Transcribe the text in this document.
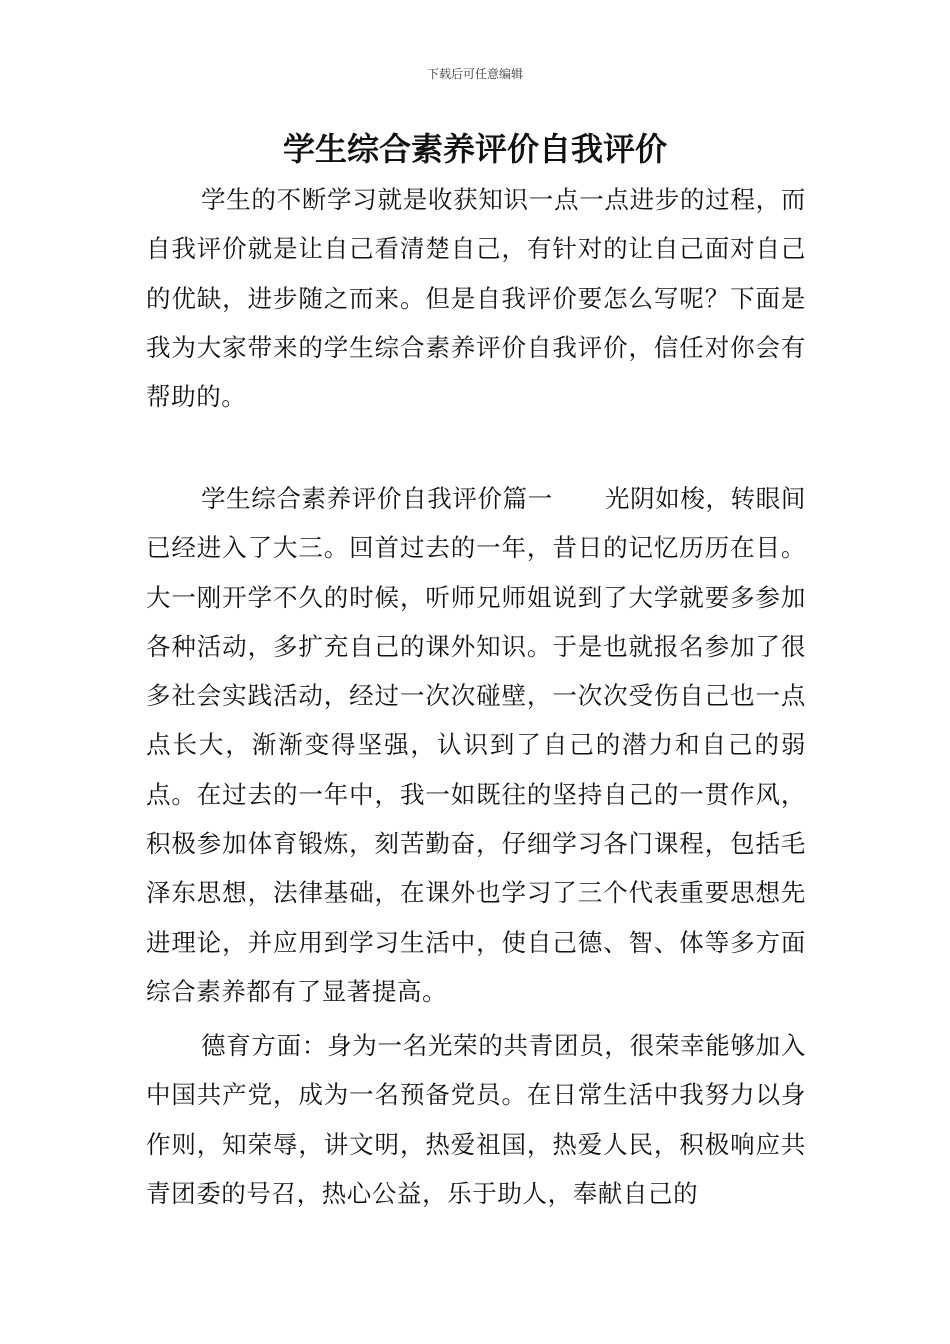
下载后可任意编辑
学生综合素养评价自我评价

学生的不断学习就是收获知识一点一点进步的过程，而自我评价就是让自己看清楚自己，有针对的让自己面对自己的优缺，进步随之而来。但是自我评价要怎么写呢？下面是我为大家带来的学生综合素养评价自我评价，信任对你会有帮助的。

学生综合素养评价自我评价篇一 光阴如梭，转眼间已经进入了大三。回首过去的一年，昔日的记忆历历在目。大一刚开学不久的时候，听师兄师姐说到了大学就要多参加各种活动，多扩充自己的课外知识。于是也就报名参加了很多社会实践活动，经过一次次碰壁，一次次受伤自己也一点点长大，渐渐变得坚强，认识到了自己的潜力和自己的弱点。在过去的一年中，我一如既往的坚持自己的一贯作风，积极参加体育锻炼，刻苦勤奋，仔细学习各门课程，包括毛泽东思想，法律基础，在课外也学习了三个代表重要思想先进理论，并应用到学习生活中，使自己德、智、体等多方面综合素养都有了显著提高。

德育方面：身为一名光荣的共青团员，很荣幸能够加入中国共产党，成为一名预备党员。在日常生活中我努力以身作则，知荣辱，讲文明，热爱祖国，热爱人民，积极响应共青团委的号召，热心公益，乐于助人，奉献自己的
